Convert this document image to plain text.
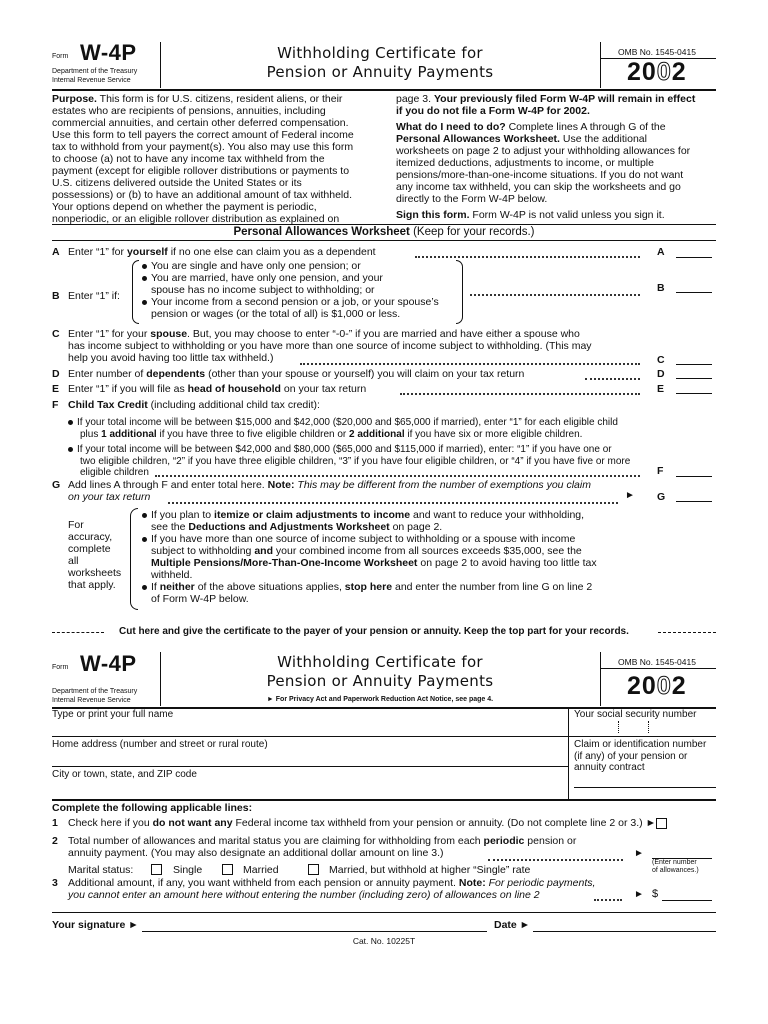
Form W-4P
Department of the Treasury
Internal Revenue Service
Withholding Certificate for
Pension or Annuity Payments
OMB No. 1545-0415
2002
Purpose. This form is for U.S. citizens, resident aliens, or their
estates who are recipients of pensions, annuities, including
commercial annuities, and certain other deferred compensation.
Use this form to tell payers the correct amount of Federal income
tax to withhold from your payment(s). You also may use this form
to choose (a) not to have any income tax withheld from the
payment (except for eligible rollover distributions or payments to
U.S. citizens delivered outside the United States or its
possessions) or (b) to have an additional amount of tax withheld.
Your options depend on whether the payment is periodic,
nonperiodic, or an eligible rollover distribution as explained on
page 3. Your previously filed Form W-4P will remain in effect
if you do not file a Form W-4P for 2002.
What do I need to do? Complete lines A through G of the
Personal Allowances Worksheet. Use the additional
worksheets on page 2 to adjust your withholding allowances for
itemized deductions, adjustments to income, or multiple
pensions/more-than-one-income situations. If you do not want
any income tax withheld, you can skip the worksheets and go
directly to the Form W-4P below.
Sign this form. Form W-4P is not valid unless you sign it.
Personal Allowances Worksheet (Keep for your records.)
A Enter “1” for yourself if no one else can claim you as a dependent	A
B Enter “1” if:
You are single and have only one pension; or
You are married, have only one pension, and your
spouse has no income subject to withholding; or
Your income from a second pension or a job, or your spouse’s
pension or wages (or the total of all) is $1,000 or less.
B
C Enter “1” for your spouse. But, you may choose to enter “-0-” if you are married and have either a spouse who
has income subject to withholding or you have more than one source of income subject to withholding. (This may
help you avoid having too little tax withheld.)	C
D Enter number of dependents (other than your spouse or yourself) you will claim on your tax return	D
E Enter “1” if you will file as head of household on your tax return	E
F Child Tax Credit (including additional child tax credit):
If your total income will be between $15,000 and $42,000 ($20,000 and $65,000 if married), enter “1” for each eligible child
plus 1 additional if you have three to five eligible children or 2 additional if you have six or more eligible children.
If your total income will be between $42,000 and $80,000 ($65,000 and $115,000 if married), enter: “1” if you have one or
two eligible children, “2” if you have three eligible children, “3” if you have four eligible children, or “4” if you have five or more
eligible children	F
G Add lines A through F and enter total here. Note: This may be different from the number of exemptions you claim
on your tax return	► G
For
accuracy,
complete
all
worksheets
that apply.
If you plan to itemize or claim adjustments to income and want to reduce your withholding,
see the Deductions and Adjustments Worksheet on page 2.
If you have more than one source of income subject to withholding or a spouse with income
subject to withholding and your combined income from all sources exceeds $35,000, see the
Multiple Pensions/More-Than-One-Income Worksheet on page 2 to avoid having too little tax
withheld.
If neither of the above situations applies, stop here and enter the number from line G on line 2
of Form W-4P below.
Cut here and give the certificate to the payer of your pension or annuity. Keep the top part for your records.
Form W-4P
Department of the Treasury
Internal Revenue Service
Withholding Certificate for
Pension or Annuity Payments
► For Privacy Act and Paperwork Reduction Act Notice, see page 4.
OMB No. 1545-0415
2002
Type or print your full name	Your social security number
Home address (number and street or rural route)	Claim or identification number
(if any) of your pension or
annuity contract
City or town, state, and ZIP code
Complete the following applicable lines:
1 Check here if you do not want any Federal income tax withheld from your pension or annuity. (Do not complete line 2 or 3.) ►
2 Total number of allowances and marital status you are claiming for withholding from each periodic pension or
annuity payment. (You may also designate an additional dollar amount on line 3.)	►
Marital status:	Single	Married	Married, but withhold at higher “Single” rate
(Enter number
of allowances.)
3 Additional amount, if any, you want withheld from each pension or annuity payment. Note: For periodic payments,
you cannot enter an amount here without entering the number (including zero) of allowances on line 2	► $
Your signature ►	Date ►
Cat. No. 10225T
